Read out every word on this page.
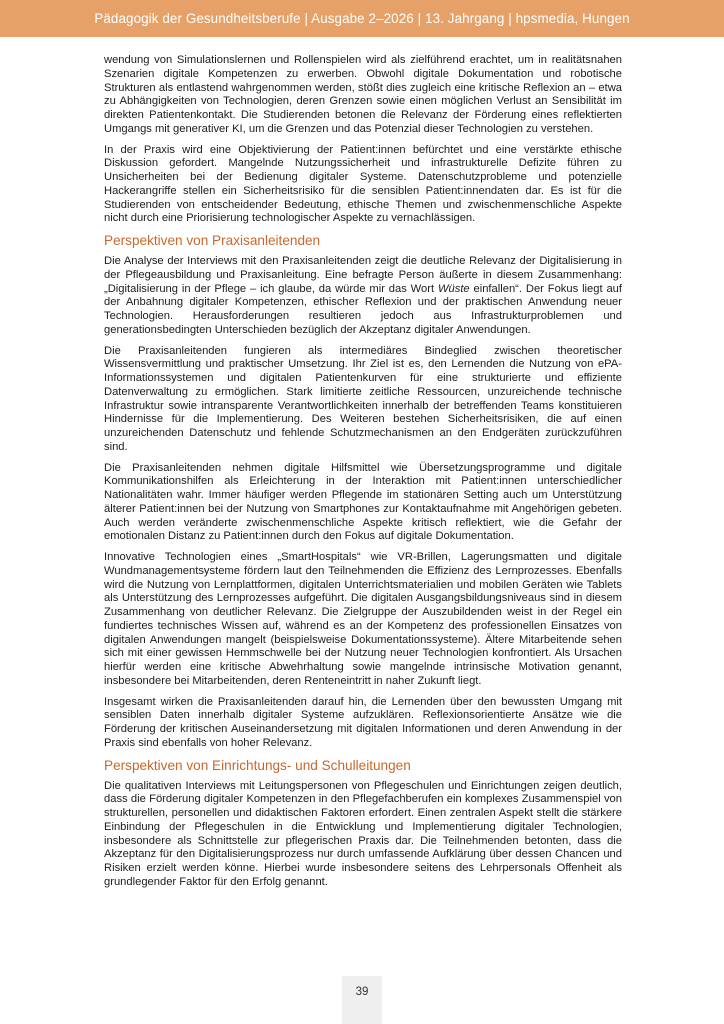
Pädagogik der Gesundheitsberufe | Ausgabe 2–2026 | 13. Jahrgang | hpsmedia, Hungen

wendung von Simulationslernen und Rollenspielen wird als zielführend erachtet, um in realitätsnahen Szenarien digitale Kompetenzen zu erwerben. Obwohl digitale Dokumentation und robotische Strukturen als entlastend wahrgenommen werden, stößt dies zugleich eine kritische Reflexion an – etwa zu Abhängigkeiten von Technologien, deren Grenzen sowie einen möglichen Verlust an Sensibilität im direkten Patientenkontakt. Die Studierenden betonen die Relevanz der Förderung eines reflektierten Umgangs mit generativer KI, um die Grenzen und das Potenzial dieser Technologien zu verstehen.

In der Praxis wird eine Objektivierung der Patient:innen befürchtet und eine verstärkte ethische Diskussion gefordert. Mangelnde Nutzungssicherheit und infrastrukturelle Defizite führen zu Unsicherheiten bei der Bedienung digitaler Systeme. Datenschutzprobleme und potenzielle Hackerangriffe stellen ein Sicherheitsrisiko für die sensiblen Patient:innendaten dar. Es ist für die Studierenden von entscheidender Bedeutung, ethische Themen und zwischenmenschliche Aspekte nicht durch eine Priorisierung technologischer Aspekte zu vernachlässigen.

Perspektiven von Praxisanleitenden

Die Analyse der Interviews mit den Praxisanleitenden zeigt die deutliche Relevanz der Digitalisierung in der Pflegeausbildung und Praxisanleitung. Eine befragte Person äußerte in diesem Zusammenhang: „Digitalisierung in der Pflege – ich glaube, da würde mir das Wort Wüste einfallen“. Der Fokus liegt auf der Anbahnung digitaler Kompetenzen, ethischer Reflexion und der praktischen Anwendung neuer Technologien. Herausforderungen resultieren jedoch aus Infrastrukturproblemen und generationsbedingten Unterschieden bezüglich der Akzeptanz digitaler Anwendungen.

Die Praxisanleitenden fungieren als intermediäres Bindeglied zwischen theoretischer Wissensvermittlung und praktischer Umsetzung. Ihr Ziel ist es, den Lernenden die Nutzung von ePA-Informationssystemen und digitalen Patientenkurven für eine strukturierte und effiziente Datenverwaltung zu ermöglichen. Stark limitierte zeitliche Ressourcen, unzureichende technische Infrastruktur sowie intransparente Verantwortlichkeiten innerhalb der betreffenden Teams konstituieren Hindernisse für die Implementierung. Des Weiteren bestehen Sicherheitsrisiken, die auf einen unzureichenden Datenschutz und fehlende Schutzmechanismen an den Endgeräten zurückzuführen sind.

Die Praxisanleitenden nehmen digitale Hilfsmittel wie Übersetzungsprogramme und digitale Kommunikationshilfen als Erleichterung in der Interaktion mit Patient:innen unterschiedlicher Nationalitäten wahr. Immer häufiger werden Pflegende im stationären Setting auch um Unterstützung älterer Patient:innen bei der Nutzung von Smartphones zur Kontaktaufnahme mit Angehörigen gebeten. Auch werden veränderte zwischenmenschliche Aspekte kritisch reflektiert, wie die Gefahr der emotionalen Distanz zu Patient:innen durch den Fokus auf digitale Dokumentation.

Innovative Technologien eines „SmartHospitals“ wie VR-Brillen, Lagerungsmatten und digitale Wundmanagementsysteme fördern laut den Teilnehmenden die Effizienz des Lernprozesses. Ebenfalls wird die Nutzung von Lernplattformen, digitalen Unterrichtsmaterialien und mobilen Geräten wie Tablets als Unterstützung des Lernprozesses aufgeführt. Die digitalen Ausgangsbildungsniveaus sind in diesem Zusammenhang von deutlicher Relevanz. Die Zielgruppe der Auszubildenden weist in der Regel ein fundiertes technisches Wissen auf, während es an der Kompetenz des professionellen Einsatzes von digitalen Anwendungen mangelt (beispielsweise Dokumentationssysteme). Ältere Mitarbeitende sehen sich mit einer gewissen Hemmschwelle bei der Nutzung neuer Technologien konfrontiert. Als Ursachen hierfür werden eine kritische Abwehrhaltung sowie mangelnde intrinsische Motivation genannt, insbesondere bei Mitarbeitenden, deren Renteneintritt in naher Zukunft liegt.

Insgesamt wirken die Praxisanleitenden darauf hin, die Lernenden über den bewussten Umgang mit sensiblen Daten innerhalb digitaler Systeme aufzuklären. Reflexionsorientierte Ansätze wie die Förderung der kritischen Auseinandersetzung mit digitalen Informationen und deren Anwendung in der Praxis sind ebenfalls von hoher Relevanz.

Perspektiven von Einrichtungs- und Schulleitungen

Die qualitativen Interviews mit Leitungspersonen von Pflegeschulen und Einrichtungen zeigen deutlich, dass die Förderung digitaler Kompetenzen in den Pflegefachberufen ein komplexes Zusammenspiel von strukturellen, personellen und didaktischen Faktoren erfordert. Einen zentralen Aspekt stellt die stärkere Einbindung der Pflegeschulen in die Entwicklung und Implementierung digitaler Technologien, insbesondere als Schnittstelle zur pflegerischen Praxis dar. Die Teilnehmenden betonten, dass die Akzeptanz für den Digitalisierungsprozess nur durch umfassende Aufklärung über dessen Chancen und Risiken erzielt werden könne. Hierbei wurde insbesondere seitens des Lehrpersonals Offenheit als grundlegender Faktor für den Erfolg genannt.

39
